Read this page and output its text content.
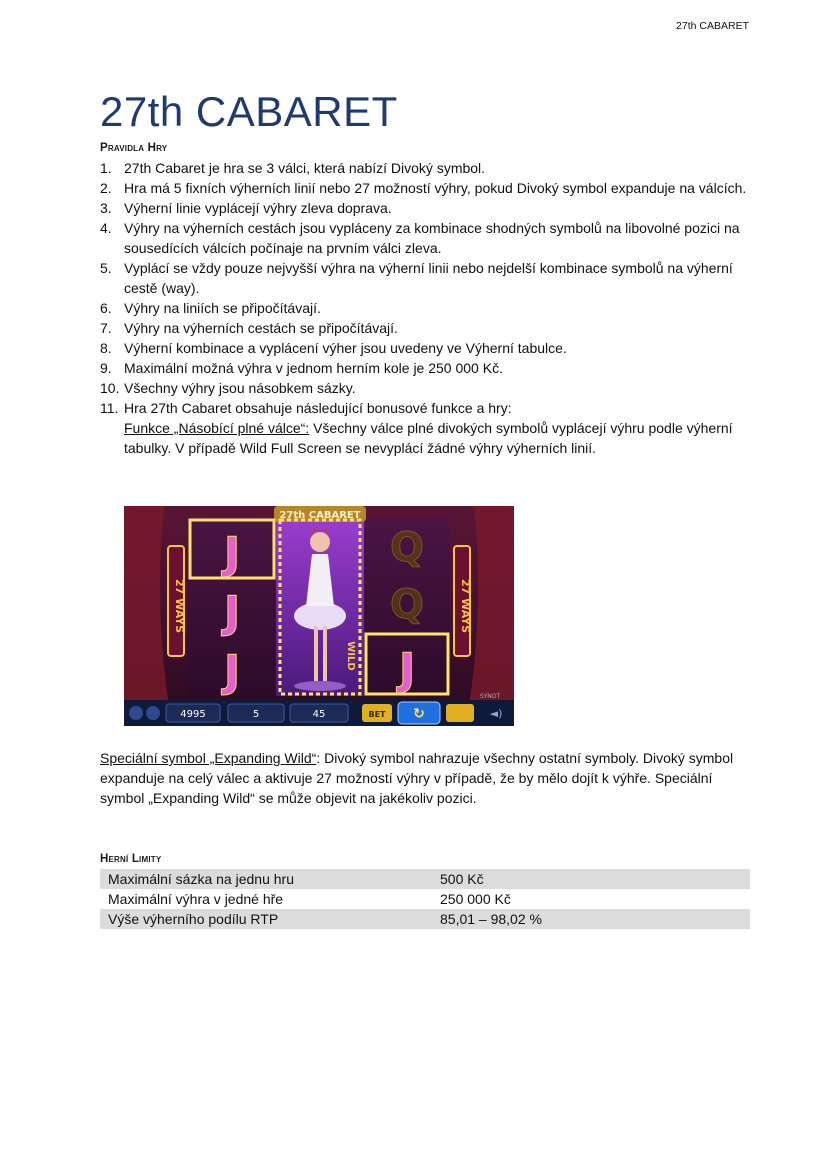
27th CABARET
27th CABARET
Pravidla Hry
1. 27th Cabaret je hra se 3 válci, která nabízí Divoký symbol.
2. Hra má 5 fixních výherních linií nebo 27 možností výhry, pokud Divoký symbol expanduje na válcích.
3. Výherní linie vyplácejí výhry zleva doprava.
4. Výhry na výherních cestách jsou vypláceny za kombinace shodných symbolů na libovolné pozici na sousedících válcích počínaje na prvním válci zleva.
5. Vyplácí se vždy pouze nejvyšší výhra na výherní linii nebo nejdelší kombinace symbolů na výherní cestě (way).
6. Výhry na liniích se připočítávají.
7. Výhry na výherních cestách se připočítávají.
8. Výherní kombinace a vyplácení výher jsou uvedeny ve Výherní tabulce.
9. Maximální možná výhra v jednom herním kole je 250 000 Kč.
10. Všechny výhry jsou násobkem sázky.
11. Hra 27th Cabaret obsahuje následující bonusové funkce a hry:
Funkce „Násobící plné válce“: Všechny válce plné divokých symbolů vyplácejí výhru podle výherní tabulky. V případě Wild Full Screen se nevyplácí žádné výhry výherních linií.
27 WAYS	27 WAYS
27th CABARET
J
J
J	WILD
Q
Q
J
4995	5	45	BET ↻	◄)
SYNOT
Speciální symbol „Expanding Wild“: Divoký symbol nahrazuje všechny ostatní symboly. Divoký symbol expanduje na celý válec a aktivuje 27 možností výhry v případě, že by mělo dojít k výhře. Speciální symbol „Expanding Wild“ se může objevit na jakékoliv pozici.
Herní Limity
Maximální sázka na jednu hru	500 Kč
Maximální výhra v jedné hře	250 000 Kč
Výše výherního podílu RTP	85,01 – 98,02 %
